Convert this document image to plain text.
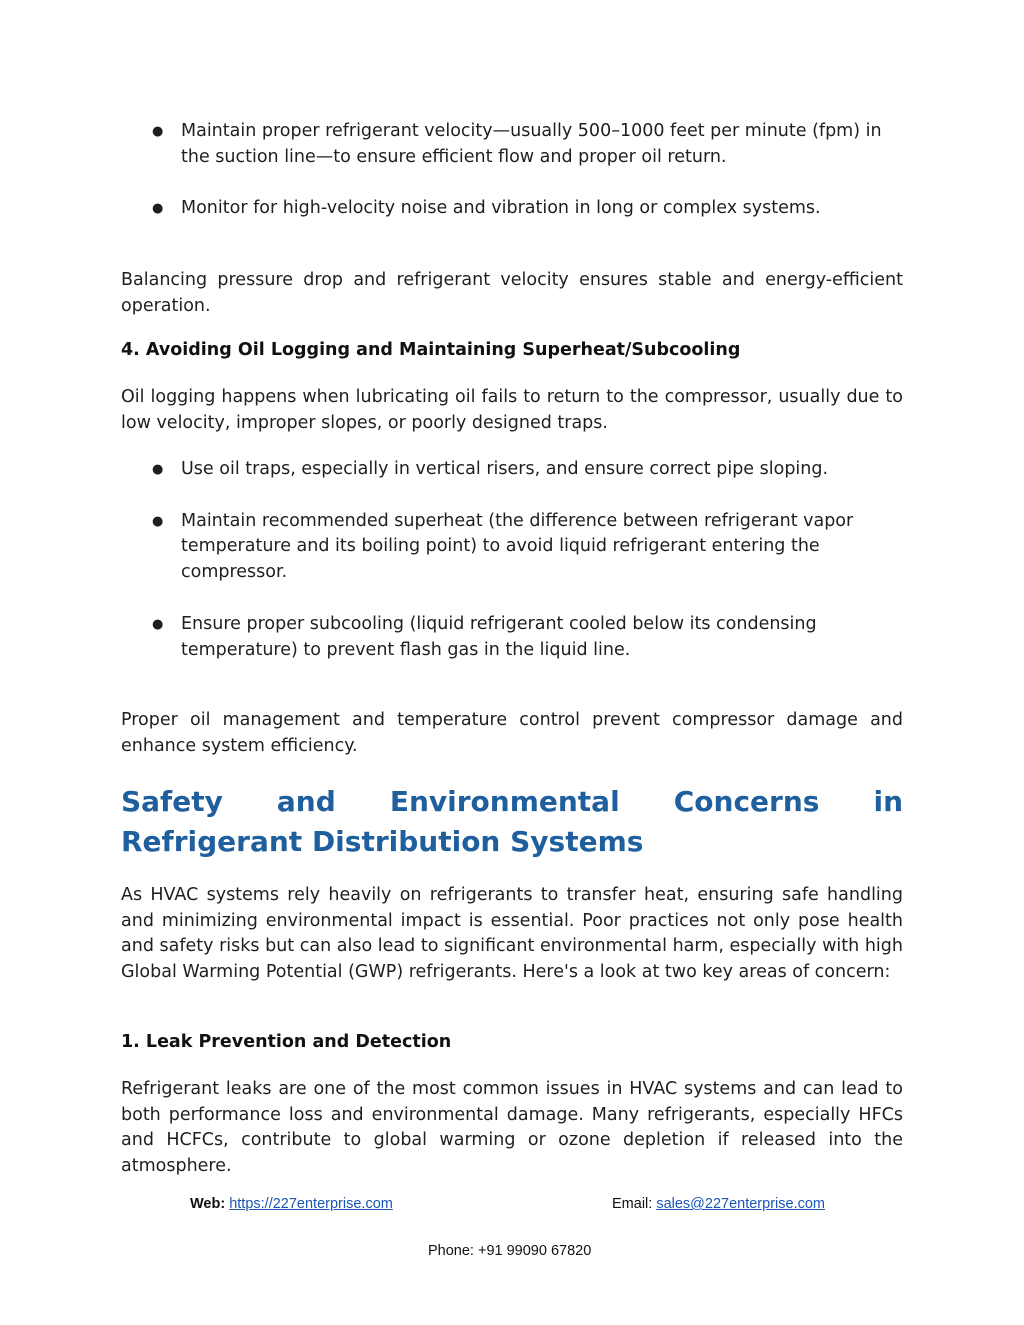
● Maintain proper refrigerant velocity—usually 500–1000 feet per minute (fpm) in the suction line—to ensure efficient flow and proper oil return.
● Monitor for high-velocity noise and vibration in long or complex systems.

Balancing pressure drop and refrigerant velocity ensures stable and energy-efficient operation.

4. Avoiding Oil Logging and Maintaining Superheat/Subcooling

Oil logging happens when lubricating oil fails to return to the compressor, usually due to low velocity, improper slopes, or poorly designed traps.

● Use oil traps, especially in vertical risers, and ensure correct pipe sloping.
● Maintain recommended superheat (the difference between refrigerant vapor temperature and its boiling point) to avoid liquid refrigerant entering the compressor.
● Ensure proper subcooling (liquid refrigerant cooled below its condensing temperature) to prevent flash gas in the liquid line.

Proper oil management and temperature control prevent compressor damage and enhance system efficiency.

Safety and Environmental Concerns in
Refrigerant Distribution Systems

As HVAC systems rely heavily on refrigerants to transfer heat, ensuring safe handling and minimizing environmental impact is essential. Poor practices not only pose health and safety risks but can also lead to significant environmental harm, especially with high Global Warming Potential (GWP) refrigerants. Here's a look at two key areas of concern:

1. Leak Prevention and Detection

Refrigerant leaks are one of the most common issues in HVAC systems and can lead to both performance loss and environmental damage. Many refrigerants, especially HFCs and HCFCs, contribute to global warming or ozone depletion if released into the atmosphere.

Web: https://227enterprise.com	Email: sales@227enterprise.com
Phone: +91 99090 67820
